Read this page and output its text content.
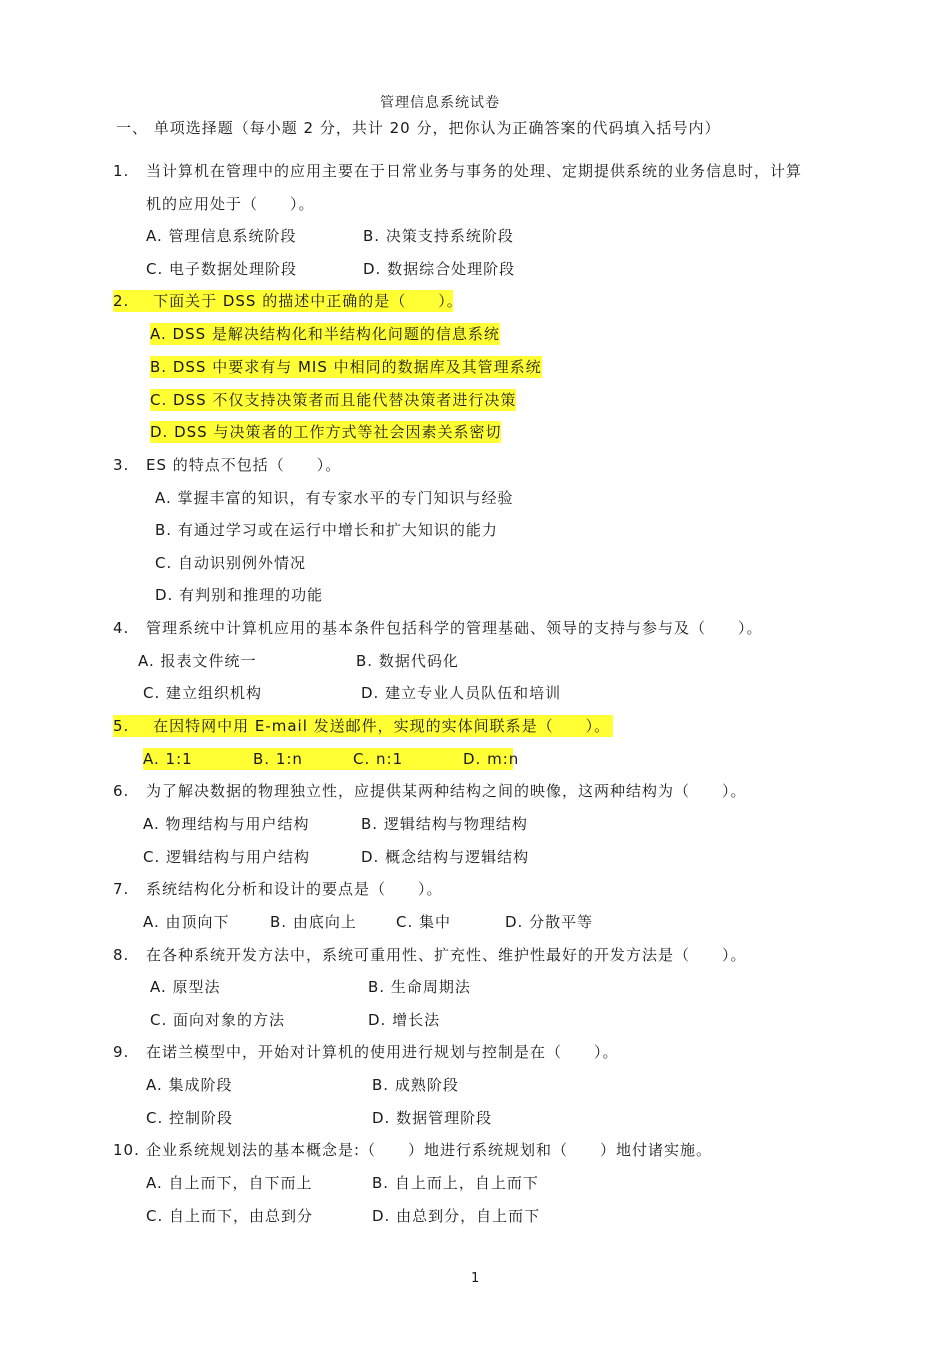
管理信息系统试卷
一、 单项选择题（每小题 2 分，共计 20 分，把你认为正确答案的代码填入括号内）
1. 当计算机在管理中的应用主要在于日常业务与事务的处理、定期提供系统的业务信息时，计算
机的应用处于（　　）。
A. 管理信息系统阶段	B. 决策支持系统阶段
C. 电子数据处理阶段	D. 数据综合处理阶段
2. 下面关于 DSS 的描述中正确的是（　　）。
A. DSS 是解决结构化和半结构化问题的信息系统
B. DSS 中要求有与 MIS 中相同的数据库及其管理系统
C. DSS 不仅支持决策者而且能代替决策者进行决策
D. DSS 与决策者的工作方式等社会因素关系密切
3. ES 的特点不包括（　　）。
A. 掌握丰富的知识，有专家水平的专门知识与经验
B. 有通过学习或在运行中增长和扩大知识的能力
C. 自动识别例外情况
D. 有判别和推理的功能
4. 管理系统中计算机应用的基本条件包括科学的管理基础、领导的支持与参与及（　　）。
A. 报表文件统一	B. 数据代码化
C. 建立组织机构	D. 建立专业人员队伍和培训
5. 在因特网中用 E-mail 发送邮件，实现的实体间联系是（　　）。
A. 1:1	B. 1:n	C. n:1	D. m:n
6. 为了解决数据的物理独立性，应提供某两种结构之间的映像，这两种结构为（　　）。
A. 物理结构与用户结构	B. 逻辑结构与物理结构
C. 逻辑结构与用户结构	D. 概念结构与逻辑结构
7. 系统结构化分析和设计的要点是（　　）。
A. 由顶向下	B. 由底向上	C. 集中	D. 分散平等
8. 在各种系统开发方法中，系统可重用性、扩充性、维护性最好的开发方法是（　　）。
A. 原型法	B. 生命周期法
C. 面向对象的方法	D. 增长法
9. 在诺兰模型中，开始对计算机的使用进行规划与控制是在（　　）。
A. 集成阶段	B. 成熟阶段
C. 控制阶段	D. 数据管理阶段
10. 企业系统规划法的基本概念是:（　　）地进行系统规划和（　　）地付诸实施。
A. 自上而下，自下而上	B. 自上而上，自上而下
C. 自上而下，由总到分	D. 由总到分，自上而下
1
